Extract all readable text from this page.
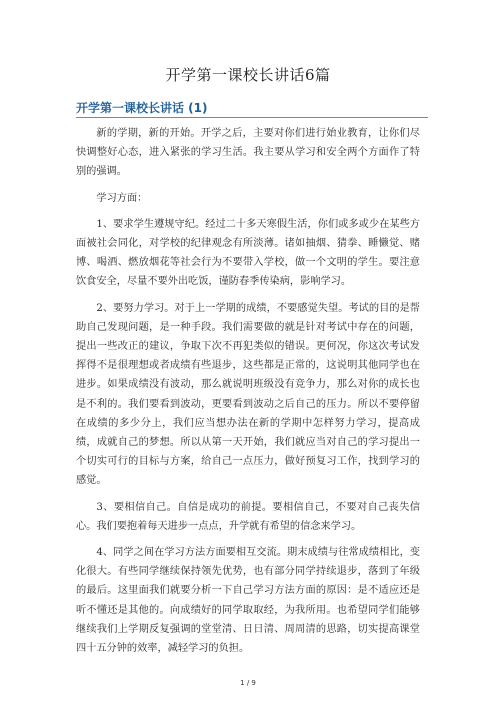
开学第一课校长讲话6篇
开学第一课校长讲话 (1)

新的学期，新的开始。开学之后，主要对你们进行始业教育，让你们尽快调整好心态，进入紧张的学习生活。我主要从学习和安全两个方面作了特别的强调。

学习方面：

1、要求学生遵规守纪。经过二十多天寒假生活，你们或多或少在某些方面被社会同化，对学校的纪律观念有所淡薄。诸如抽烟、猜拳、睡懒觉、赌博、喝酒、燃放烟花等社会行为不要带入学校，做一个文明的学生。要注意饮食安全，尽量不要外出吃饭，谨防春季传染病，影响学习。

2、要努力学习。对于上一学期的成绩，不要感觉失望。考试的目的是帮助自己发现问题，是一种手段。我们需要做的就是针对考试中存在的问题，提出一些改正的建议，争取下次不再犯类似的错误。更何况，你这次考试发挥得不是很理想或者成绩有些退步，这些都是正常的，这说明其他同学也在进步。如果成绩没有波动，那么就说明班级没有竞争力，那么对你的成长也是不利的。我们要看到波动，更要看到波动之后自己的压力。所以不要停留在成绩的多少分上，我们应当想办法在新的学期中怎样努力学习，提高成绩，成就自己的梦想。所以从第一天开始，我们就应当对自己的学习提出一个切实可行的目标与方案，给自己一点压力，做好预复习工作，找到学习的感觉。

3、要相信自己。自信是成功的前提。要相信自己，不要对自己丧失信心。我们要抱着每天进步一点点，升学就有希望的信念来学习。

4、同学之间在学习方法方面要相互交流。期末成绩与往常成绩相比，变化很大。有些同学继续保持领先优势，也有部分同学持续退步，落到了年级的最后。这里面我们就要分析一下自己学习方法方面的原因：是不适应还是听不懂还是其他的。向成绩好的同学取取经，为我所用。也希望同学们能够继续我们上学期反复强调的堂堂清、日日清、周周清的思路，切实提高课堂四十五分钟的效率，减轻学习的负担。

1 / 9
